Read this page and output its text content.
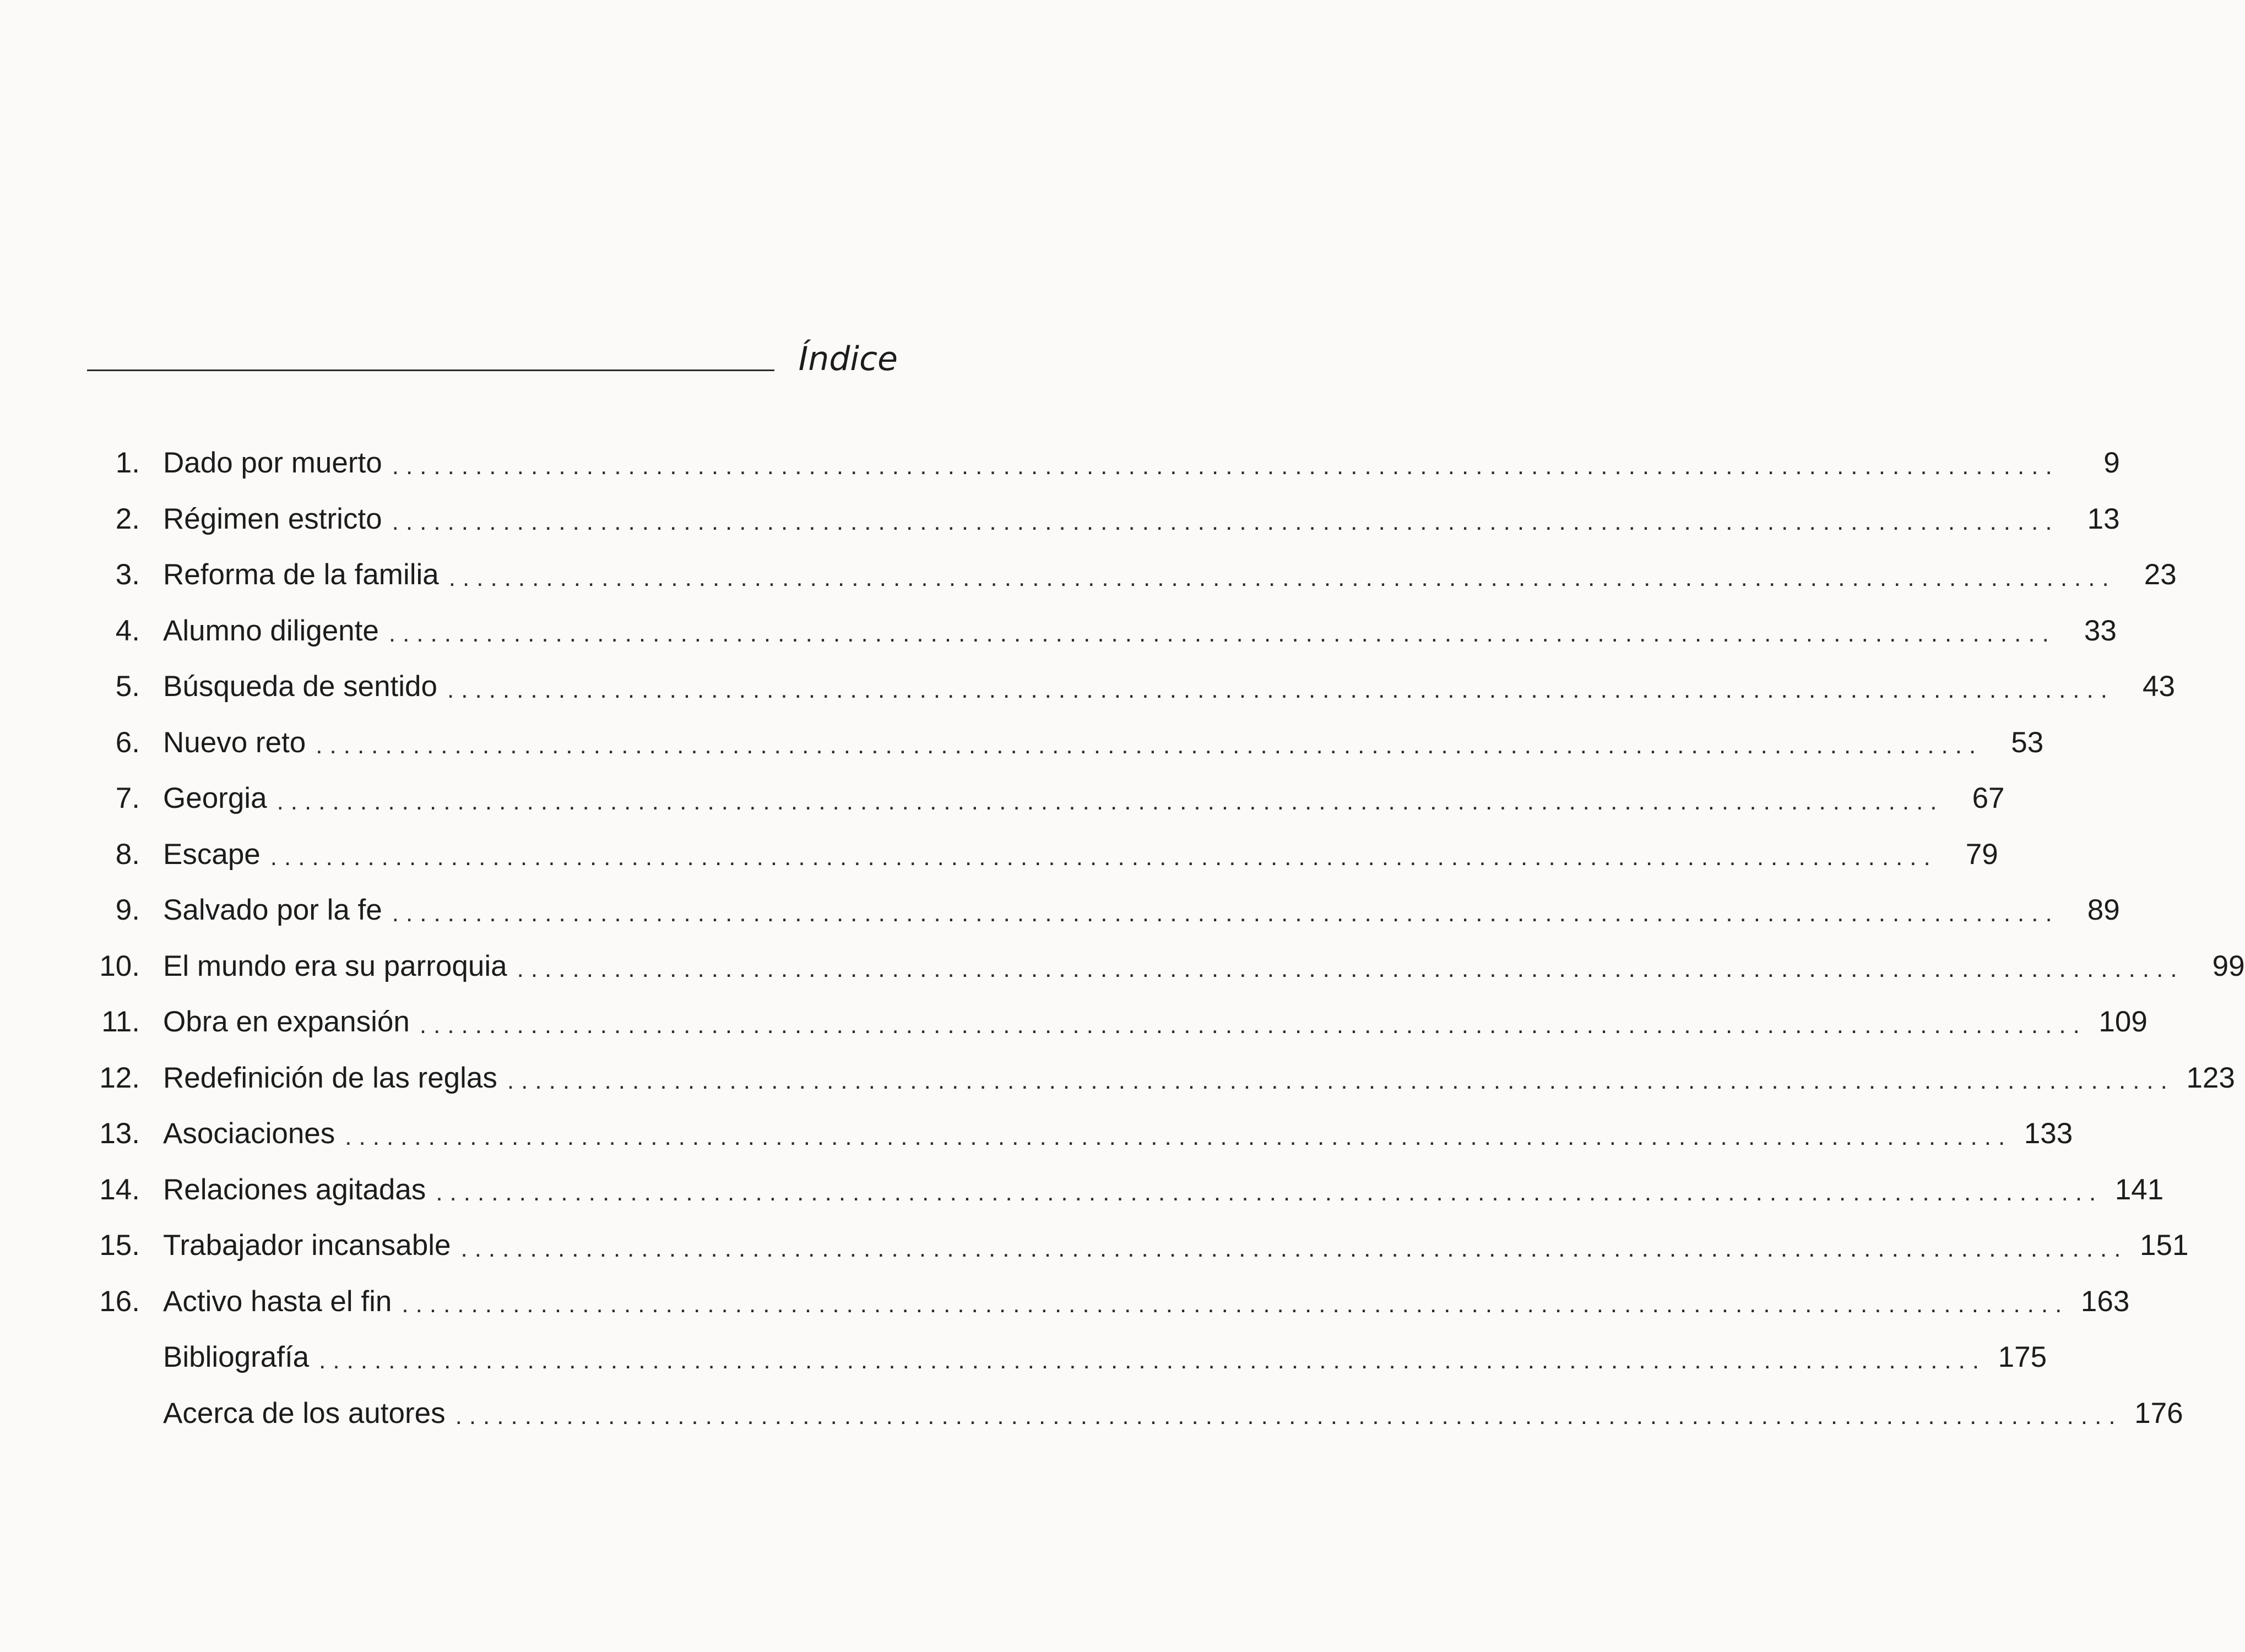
Índice
1. Dado por muerto ........................................................................................................................	9
2. Régimen estricto ........................................................................................................................ 13
3. Reforma de la familia ........................................................................................................................ 23
4. Alumno diligente ........................................................................................................................ 33
5. Búsqueda de sentido ........................................................................................................................ 43
6. Nuevo reto ........................................................................................................................ 53
7. Georgia ........................................................................................................................ 67
8. Escape ........................................................................................................................ 79
9. Salvado por la fe ........................................................................................................................ 89
10. El mundo era su parroquia ........................................................................................................................ 99
11. Obra en expansión ........................................................................................................................ 109
12. Redefinición de las reglas ........................................................................................................................ 123
13. Asociaciones ........................................................................................................................ 133
14. Relaciones agitadas ........................................................................................................................ 141
15. Trabajador incansable ........................................................................................................................ 151
16. Activo hasta el fin ........................................................................................................................ 163
Bibliografía ........................................................................................................................ 175
Acerca de los autores ........................................................................................................................ 176
